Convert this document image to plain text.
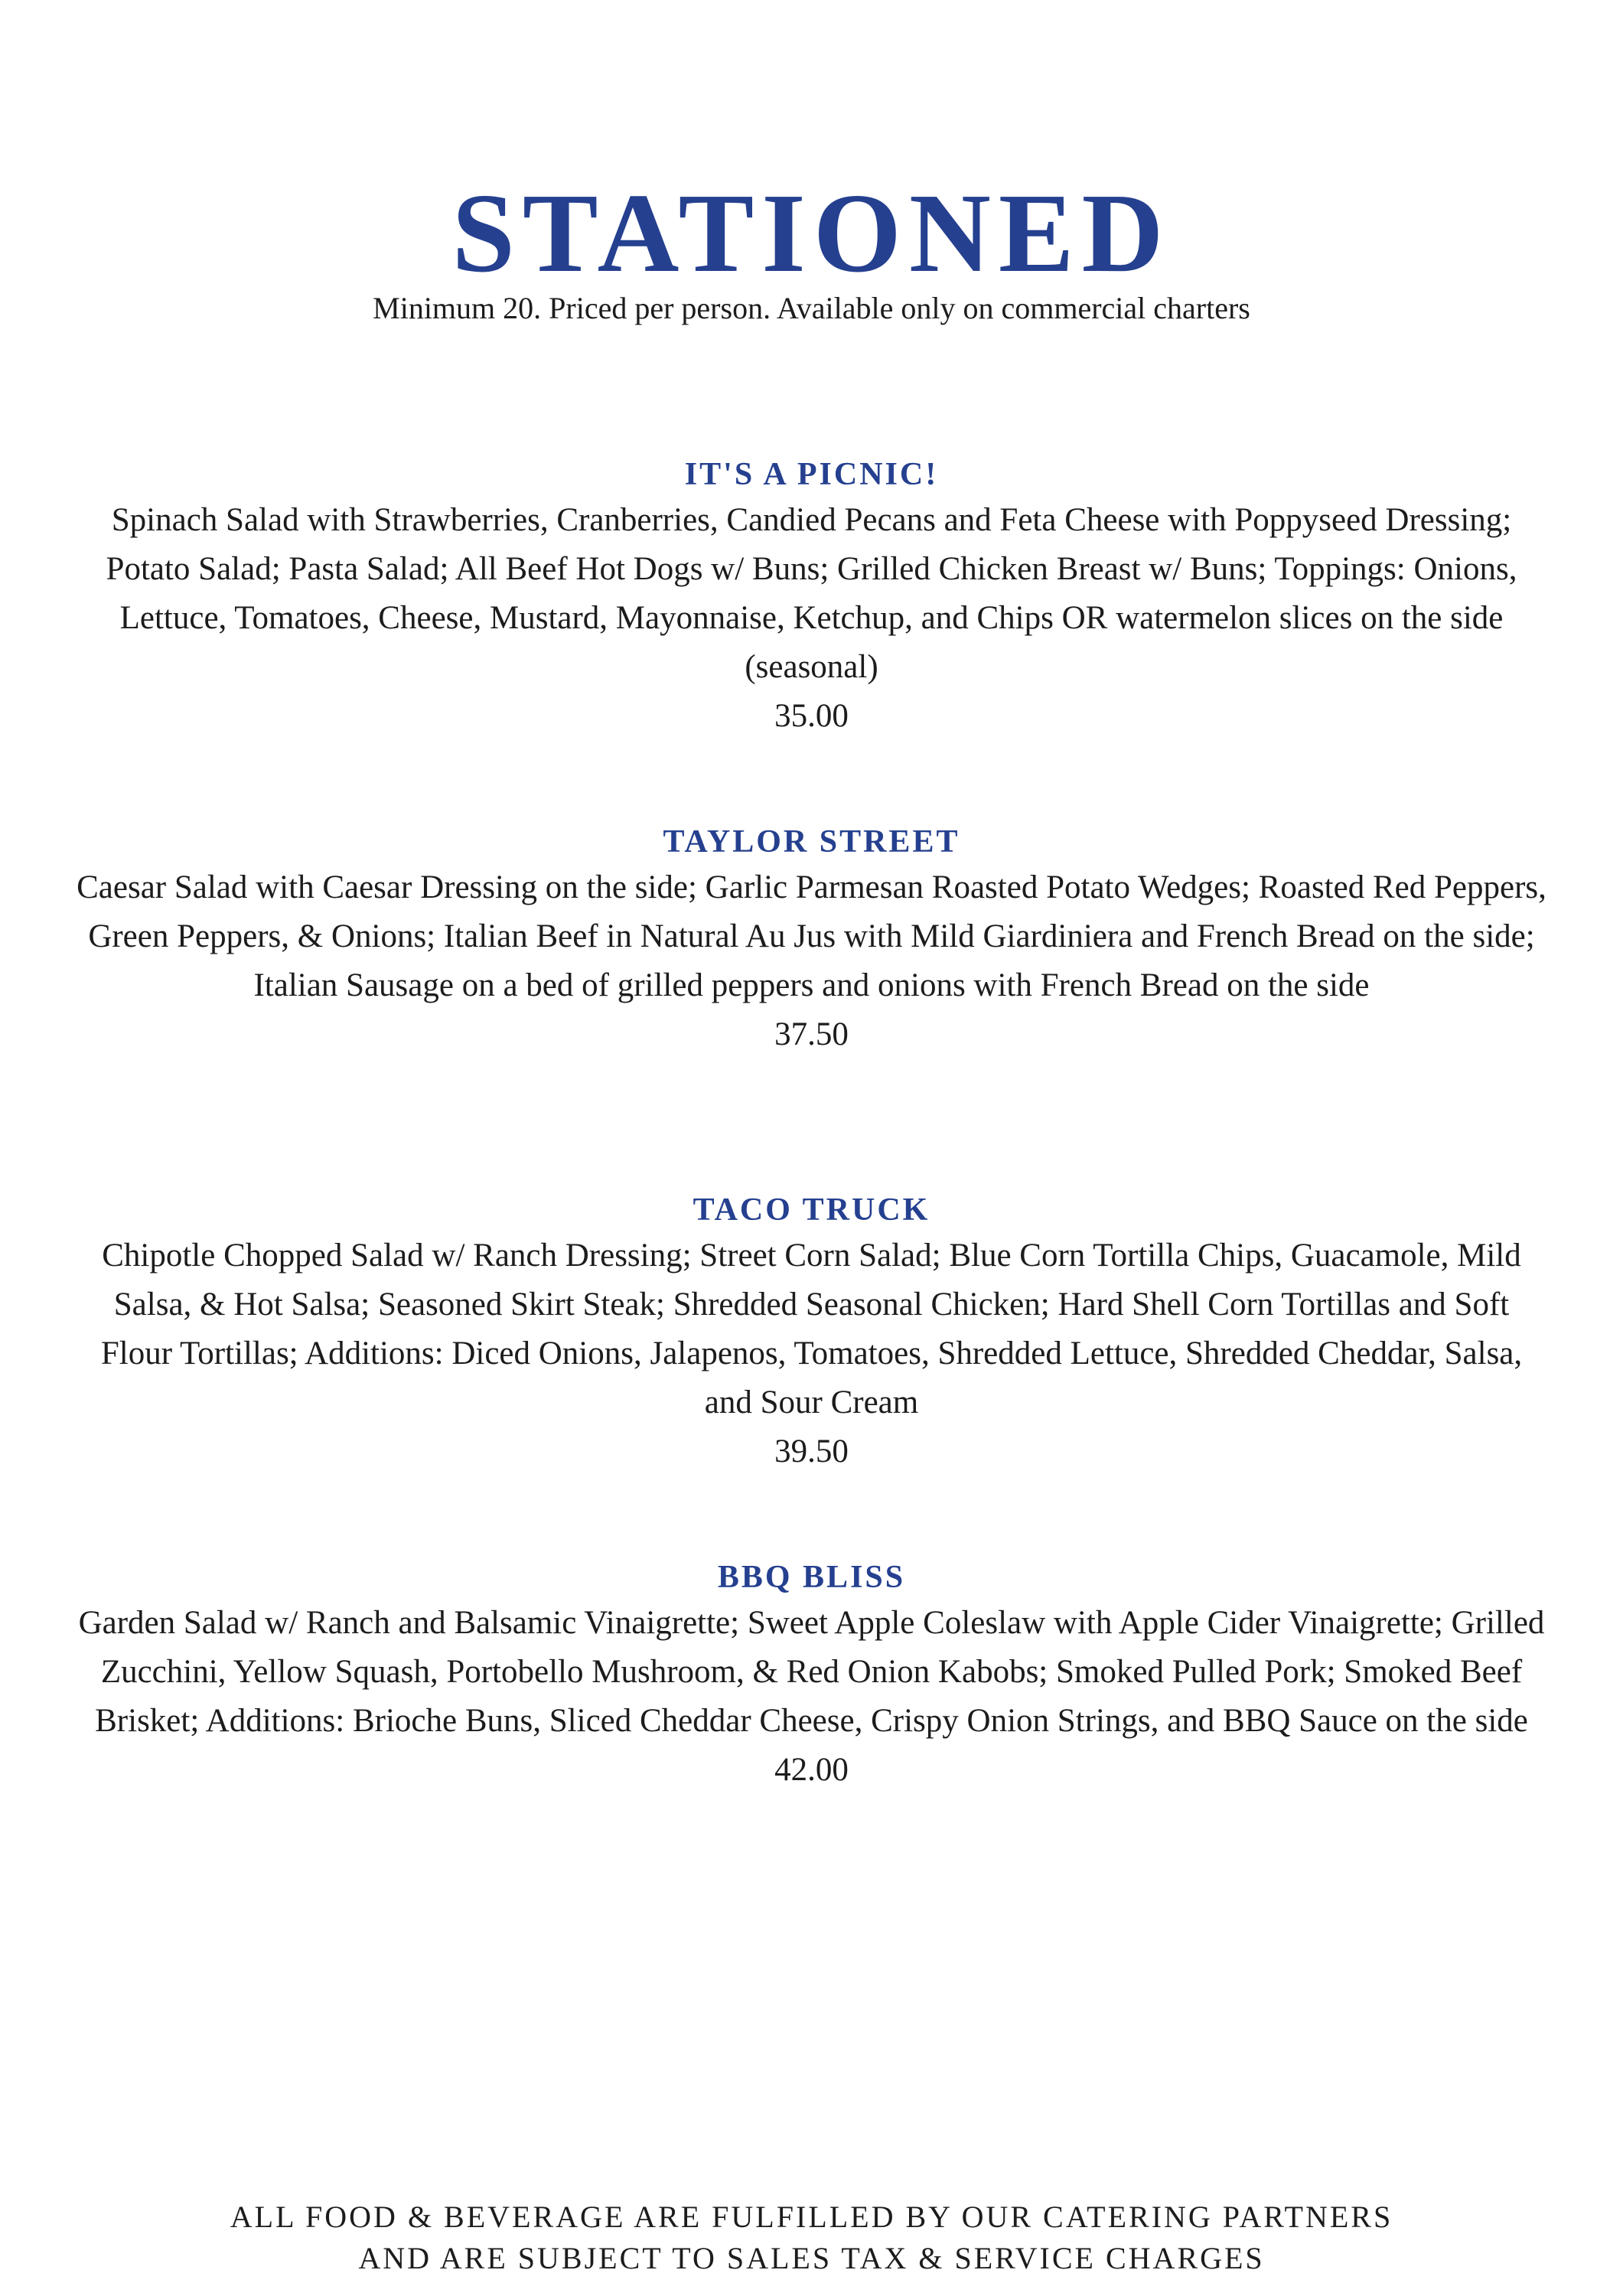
STATIONED
Minimum 20. Priced per person. Available only on commercial charters
IT'S A PICNIC!

Spinach Salad with Strawberries, Cranberries, Candied Pecans and Feta Cheese with Poppyseed Dressing; Potato Salad; Pasta Salad; All Beef Hot Dogs w/ Buns; Grilled Chicken Breast w/ Buns; Toppings: Onions, Lettuce, Tomatoes, Cheese, Mustard, Mayonnaise, Ketchup, and Chips OR watermelon slices on the side (seasonal)

35.00
TAYLOR STREET

Caesar Salad with Caesar Dressing on the side; Garlic Parmesan Roasted Potato Wedges; Roasted Red Peppers, Green Peppers, & Onions; Italian Beef in Natural Au Jus with Mild Giardiniera and French Bread on the side; Italian Sausage on a bed of grilled peppers and onions with French Bread on the side

37.50
TACO TRUCK

Chipotle Chopped Salad w/ Ranch Dressing; Street Corn Salad; Blue Corn Tortilla Chips, Guacamole, Mild Salsa, & Hot Salsa; Seasoned Skirt Steak; Shredded Seasonal Chicken; Hard Shell Corn Tortillas and Soft Flour Tortillas; Additions: Diced Onions, Jalapenos, Tomatoes, Shredded Lettuce, Shredded Cheddar, Salsa, and Sour Cream

39.50
BBQ BLISS

Garden Salad w/ Ranch and Balsamic Vinaigrette; Sweet Apple Coleslaw with Apple Cider Vinaigrette; Grilled Zucchini, Yellow Squash, Portobello Mushroom, & Red Onion Kabobs; Smoked Pulled Pork; Smoked Beef Brisket; Additions: Brioche Buns, Sliced Cheddar Cheese, Crispy Onion Strings, and BBQ Sauce on the side

42.00
ALL FOOD & BEVERAGE ARE FULFILLED BY OUR CATERING PARTNERS
AND ARE SUBJECT TO SALES TAX & SERVICE CHARGES
